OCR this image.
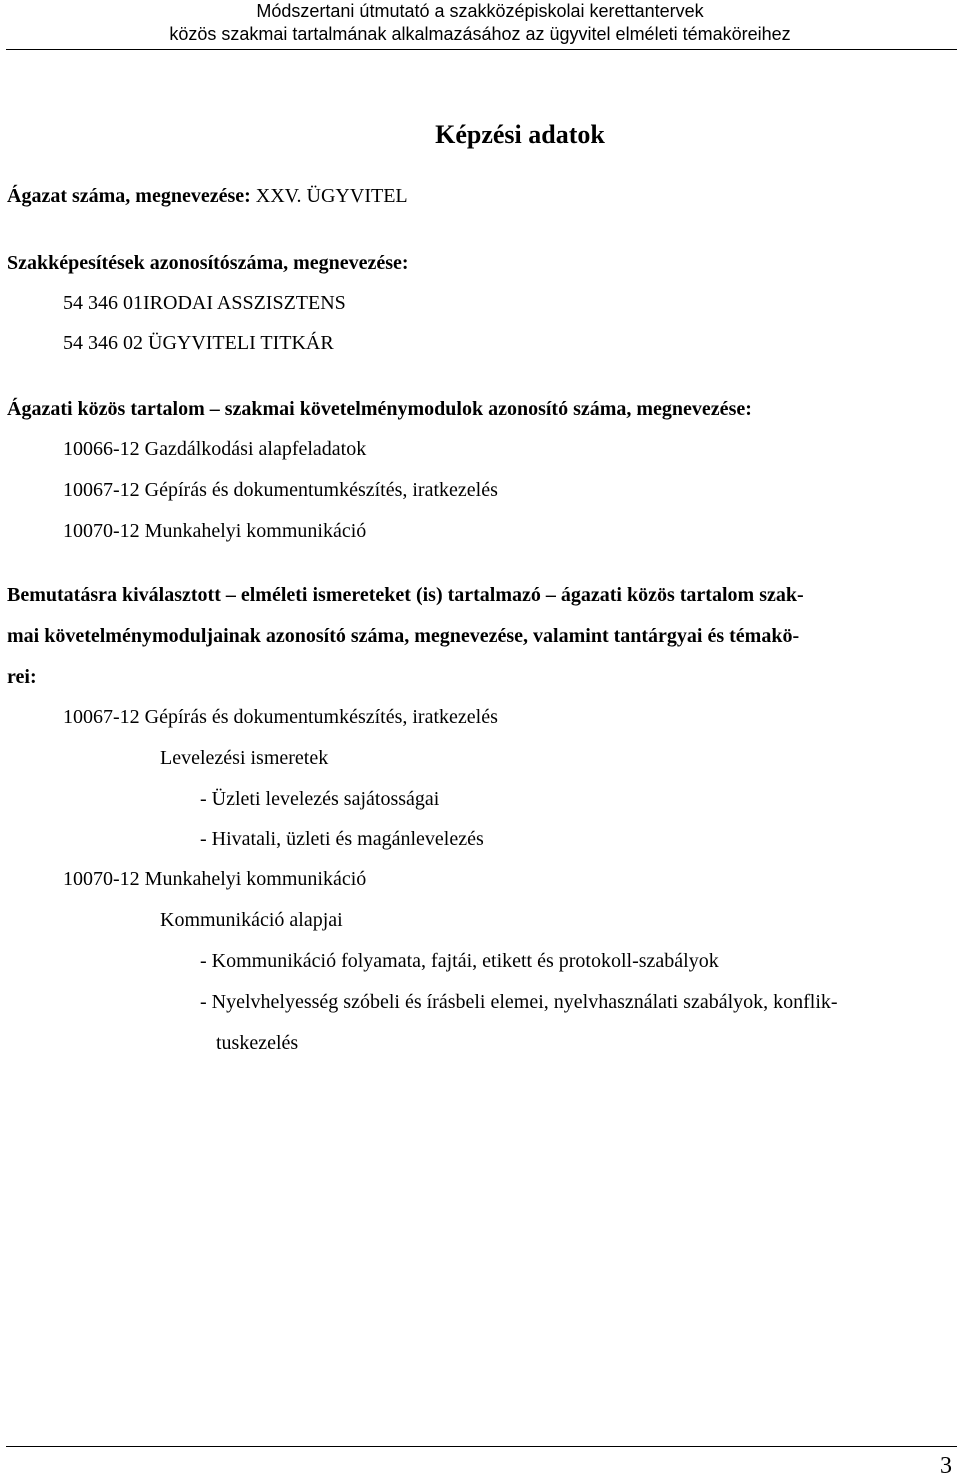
Módszertani útmutató a szakközépiskolai kerettantervek
közös szakmai tartalmának alkalmazásához az ügyvitel elméleti témaköreihez
Képzési adatok
Ágazat száma, megnevezése: XXV. ÜGYVITEL
Szakképesítések azonosítószáma, megnevezése:
54 346 01IRODAI ASSZISZTENS
54 346 02 ÜGYVITELI TITKÁR
Ágazati közös tartalom – szakmai követelménymodulok azonosító száma, megnevezése:
10066-12 Gazdálkodási alapfeladatok
10067-12 Gépírás és dokumentumkészítés, iratkezelés
10070-12 Munkahelyi kommunikáció
Bemutatásra kiválasztott – elméleti ismereteket (is) tartalmazó – ágazati közös tartalom szak-
mai követelménymoduljainak azonosító száma, megnevezése, valamint tantárgyai és témakö-
rei:
10067-12 Gépírás és dokumentumkészítés, iratkezelés
Levelezési ismeretek
- Üzleti levelezés sajátosságai
- Hivatali, üzleti és magánlevelezés
10070-12 Munkahelyi kommunikáció
Kommunikáció alapjai
- Kommunikáció folyamata, fajtái, etikett és protokoll-szabályok
- Nyelvhelyesség szóbeli és írásbeli elemei, nyelvhasználati szabályok, konflik-
tuskezelés
3
